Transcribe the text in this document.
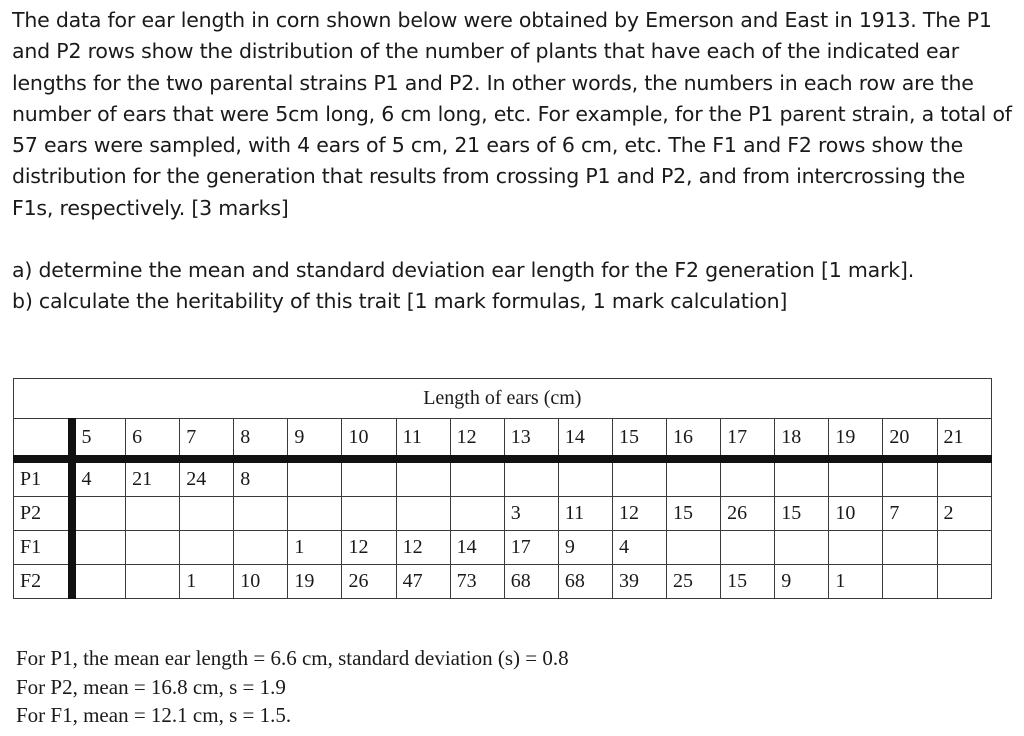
The data for ear length in corn shown below were obtained by Emerson and East in 1913. The P1 and P2 rows show the distribution of the number of plants that have each of the indicated ear lengths for the two parental strains P1 and P2. In other words, the numbers in each row are the number of ears that were 5cm long, 6 cm long, etc. For example, for the P1 parent strain, a total of 57 ears were sampled, with 4 ears of 5 cm, 21 ears of 6 cm, etc. The F1 and F2 rows show the distribution for the generation that results from crossing P1 and P2, and from intercrossing the F1s, respectively. [3 marks]

a) determine the mean and standard deviation ear length for the F2 generation [1 mark].

b) calculate the heritability of this trait [1 mark formulas, 1 mark calculation]

Length of ears (cm)																	
	5	6	7	8	9	10	11	12	13	14	15	16	17	18	19	20	21
P1	4	21	24	8													
P2									3	11	12	15	26	15	10	7	2
F1					1	12	12	14	17	9	4						
F2			1	10	19	26	47	73	68	68	39	25	15	9	1		

For P1, the mean ear length = 6.6 cm, standard deviation (s) = 0.8

For P2, mean = 16.8 cm, s = 1.9

For F1, mean = 12.1 cm, s = 1.5.
